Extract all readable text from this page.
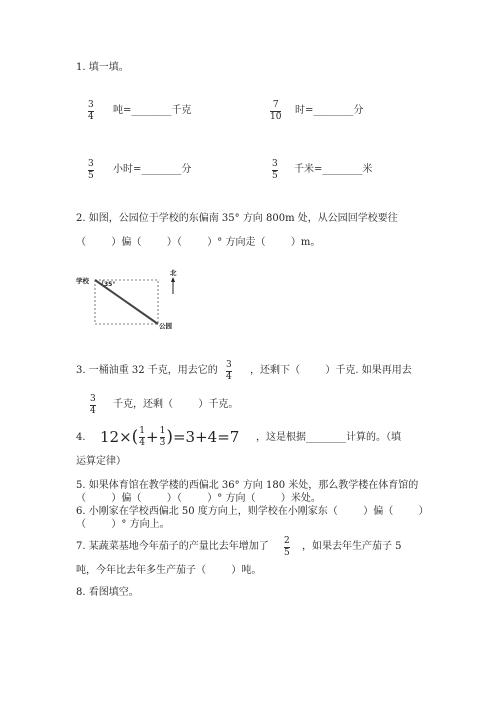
1. 填一填。
3
4
吨=________千克	7
10
时=________分
3
5
小时=________分	3
5
千米=________米
2. 如图，公园位于学校的东偏南 35° 方向 800m 处，从公园回学校要往
（        ）偏（        ）（        ）° 方向走（        ）m。
学校	35°
公园
北
3. 一桶油重 32 千克，用去它的 3
4
，还剩下（        ）千克. 如果再用去
3
4
千克，还剩（        ）千克。
4. 12× ( $\frac{1}{4} + \frac{1}{3}$ ) =3+4=7 ，这是根据________计算的。（填
运算定律）
5. 如果体育馆在教学楼的西偏北 36° 方向 180 米处，那么教学楼在体育馆的
（        ）偏（        ）（        ）° 方向（        ）米处。
6. 小刚家在学校西偏北 50 度方向上，则学校在小刚家东（        ）偏（        ）
（        ）° 方向上。
7. 某蔬菜基地今年茄子的产量比去年增加了 2
5
，如果去年生产茄子 5
吨，今年比去年多生产茄子（        ）吨。
8. 看图填空。
